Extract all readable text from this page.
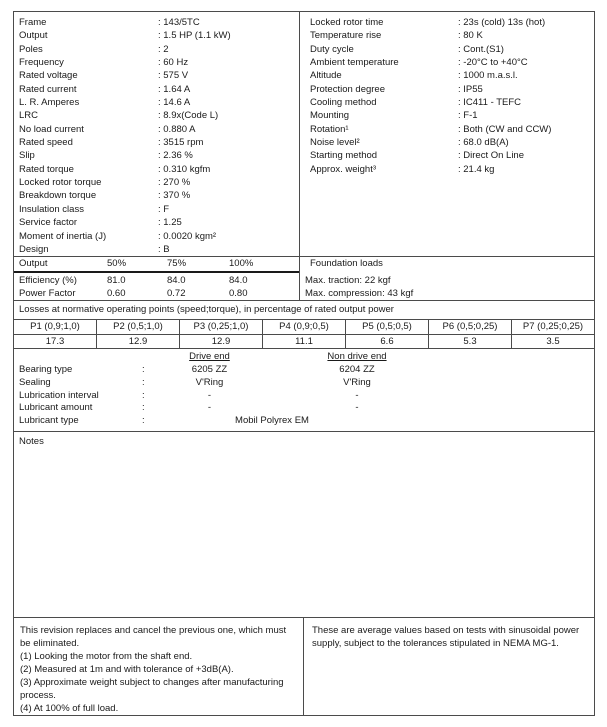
Frame	: 143/5TC
Output	: 1.5 HP (1.1 kW)
Poles	: 2
Frequency	: 60 Hz
Rated voltage	: 575 V
Rated current	: 1.64 A
L. R. Amperes	: 14.6 A
LRC	: 8.9x(Code L)
No load current	: 0.880 A
Rated speed	: 3515 rpm
Slip	: 2.36 %
Rated torque	: 0.310 kgfm
Locked rotor torque	: 270 %
Breakdown torque	: 370 %
Insulation class	: F
Service factor	: 1.25
Moment of inertia (J)	: 0.0020 kgm²
Design	: B
Locked rotor time	: 23s (cold) 13s (hot)
Temperature rise	: 80 K
Duty cycle	: Cont.(S1)
Ambient temperature	: -20°C to +40°C
Altitude	: 1000 m.a.s.l.
Protection degree	: IP55
Cooling method	: IC411 - TEFC
Mounting	: F-1
Rotation¹	: Both (CW and CCW)
Noise level²	: 68.0 dB(A)
Starting method	: Direct On Line
Approx. weight³	: 21.4 kg
Output	50%	75%	100%
Efficiency (%)	81.0	84.0	84.0
Power Factor	0.60	0.72	0.80
Foundation loads
Max. traction : 22 kgf
Max. compression : 43 kgf
Losses at normative operating points (speed;torque), in percentage of rated output power
P1 (0,9;1,0)	P2 (0,5;1,0)	P3 (0,25;1,0)	P4 (0,9;0,5)	P5 (0,5;0,5)	P6 (0,5;0,25)	P7 (0,25;0,25)
17.3	12.9	12.9	11.1	6.6	5.3	3.5
Drive end	Non drive end
Bearing type	:	6205 ZZ	6204 ZZ
Sealing	:	V'Ring	V'Ring
Lubrication interval	:	-	-
Lubricant amount	:	-	-
Lubricant type	:	Mobil Polyrex EM
Notes
This revision replaces and cancel the previous one, which must be eliminated.
(1) Looking the motor from the shaft end.
(2) Measured at 1m and with tolerance of +3dB(A).
(3) Approximate weight subject to changes after manufacturing process.
(4) At 100% of full load.
These are average values based on tests with sinusoidal power supply, subject to the tolerances stipulated in NEMA MG-1.
